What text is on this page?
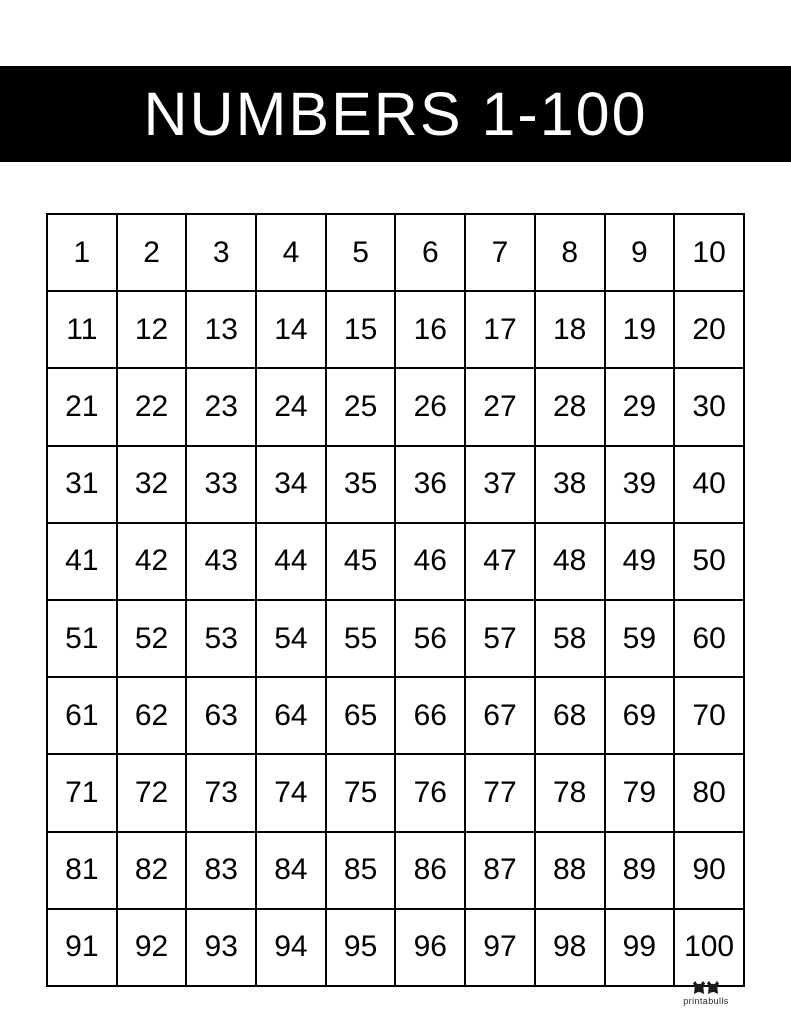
NUMBERS 1-100
1	2	3	4	5	6	7	8	9	10
11	12	13	14	15	16	17	18	19	20
21	22	23	24	25	26	27	28	29	30
31	32	33	34	35	36	37	38	39	40
41	42	43	44	45	46	47	48	49	50
51	52	53	54	55	56	57	58	59	60
61	62	63	64	65	66	67	68	69	70
71	72	73	74	75	76	77	78	79	80
81	82	83	84	85	86	87	88	89	90
91	92	93	94	95	96	97	98	99	100
printabulls
